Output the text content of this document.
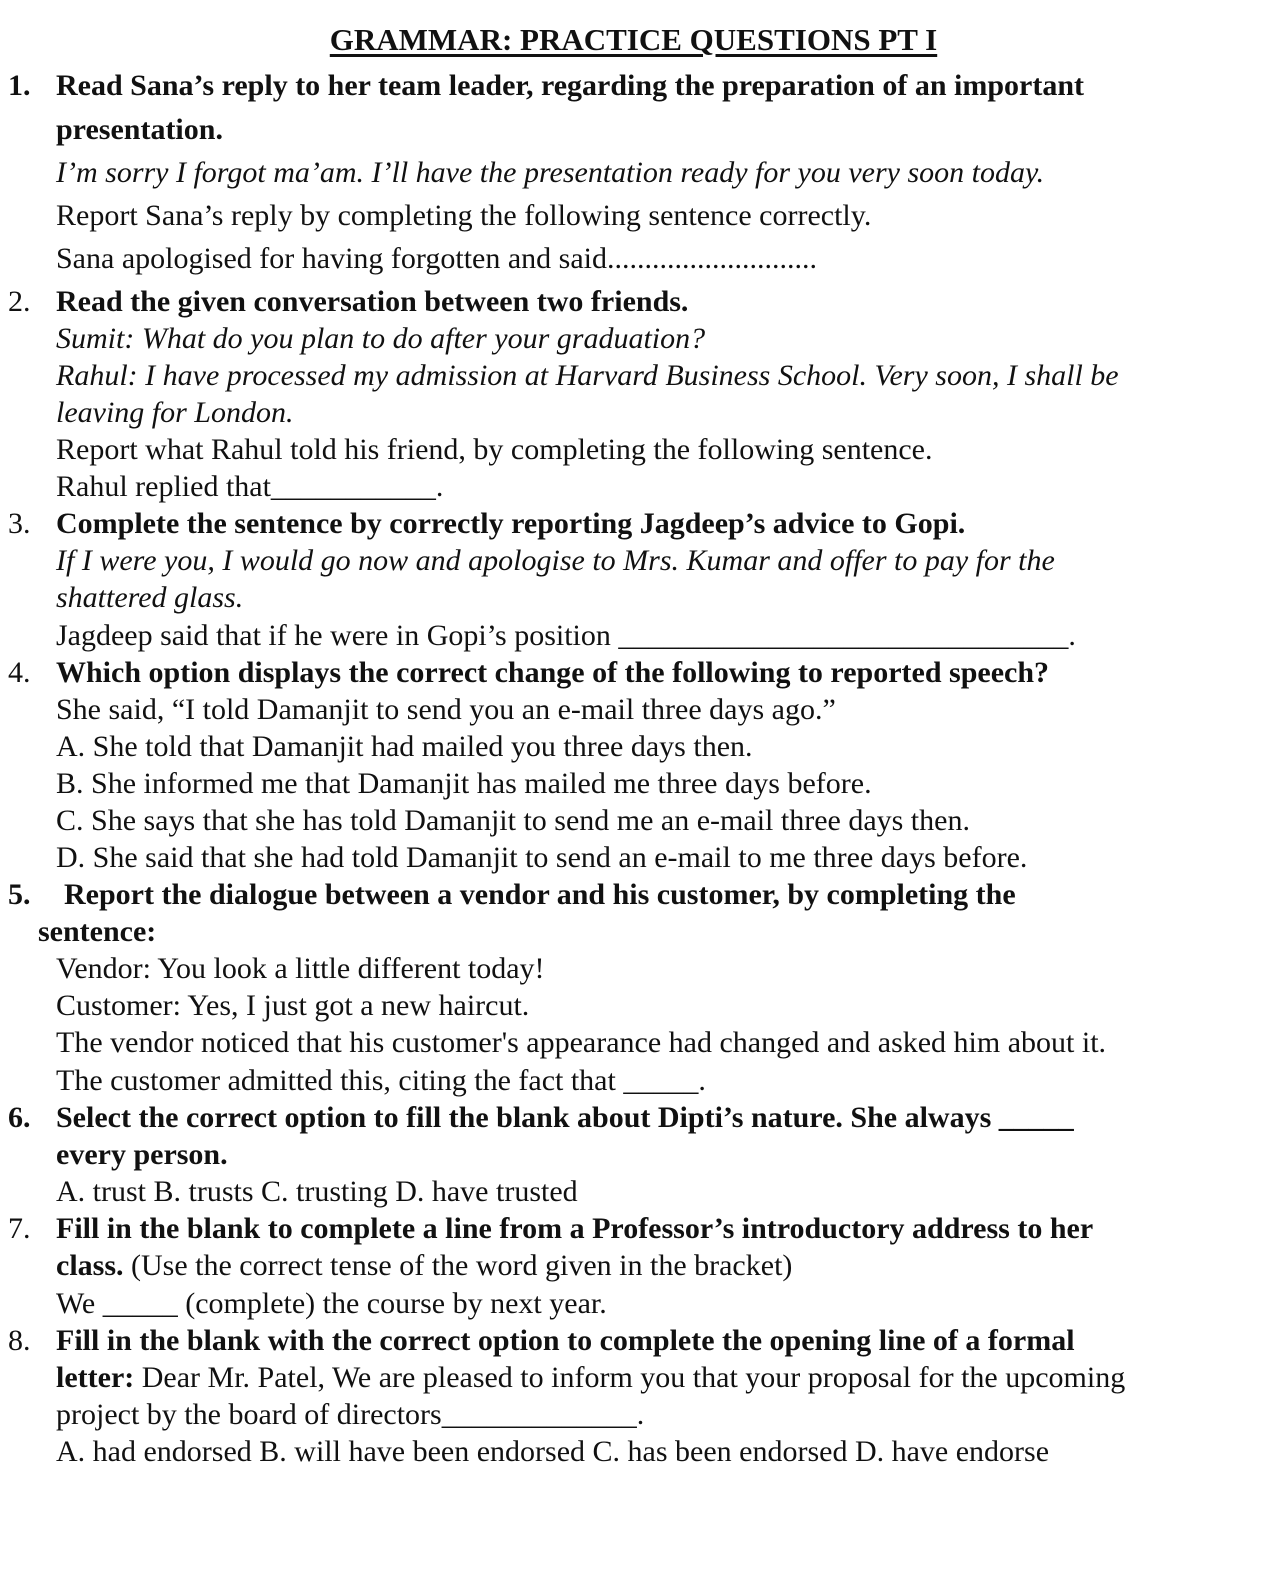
GRAMMAR: PRACTICE QUESTIONS PT I
1. Read Sana’s reply to her team leader, regarding the preparation of an important
presentation.
I’m sorry I forgot ma’am. I’ll have the presentation ready for you very soon today.
Report Sana’s reply by completing the following sentence correctly.
Sana apologised for having forgotten and said............................
2. Read the given conversation between two friends.
Sumit: What do you plan to do after your graduation?
Rahul: I have processed my admission at Harvard Business School. Very soon, I shall be
leaving for London.
Report what Rahul told his friend, by completing the following sentence.
Rahul replied that___________.
3. Complete the sentence by correctly reporting Jagdeep’s advice to Gopi.
If I were you, I would go now and apologise to Mrs. Kumar and offer to pay for the
shattered glass.
Jagdeep said that if he were in Gopi’s position ______________________________.
4. Which option displays the correct change of the following to reported speech?
She said, “I told Damanjit to send you an e-mail three days ago.”
A. She told that Damanjit had mailed you three days then.
B. She informed me that Damanjit has mailed me three days before.
C. She says that she has told Damanjit to send me an e-mail three days then.
D. She said that she had told Damanjit to send an e-mail to me three days before.
5. Report the dialogue between a vendor and his customer, by completing the
sentence:
Vendor: You look a little different today!
Customer: Yes, I just got a new haircut.
The vendor noticed that his customer's appearance had changed and asked him about it.
The customer admitted this, citing the fact that _____.
6. Select the correct option to fill the blank about Dipti’s nature. She always _____
every person.
A. trust B. trusts C. trusting D. have trusted
7. Fill in the blank to complete a line from a Professor’s introductory address to her
class. (Use the correct tense of the word given in the bracket)
We _____ (complete) the course by next year.
8. Fill in the blank with the correct option to complete the opening line of a formal
letter: Dear Mr. Patel, We are pleased to inform you that your proposal for the upcoming
project by the board of directors_____________.
A. had endorsed B. will have been endorsed C. has been endorsed D. have endorse
